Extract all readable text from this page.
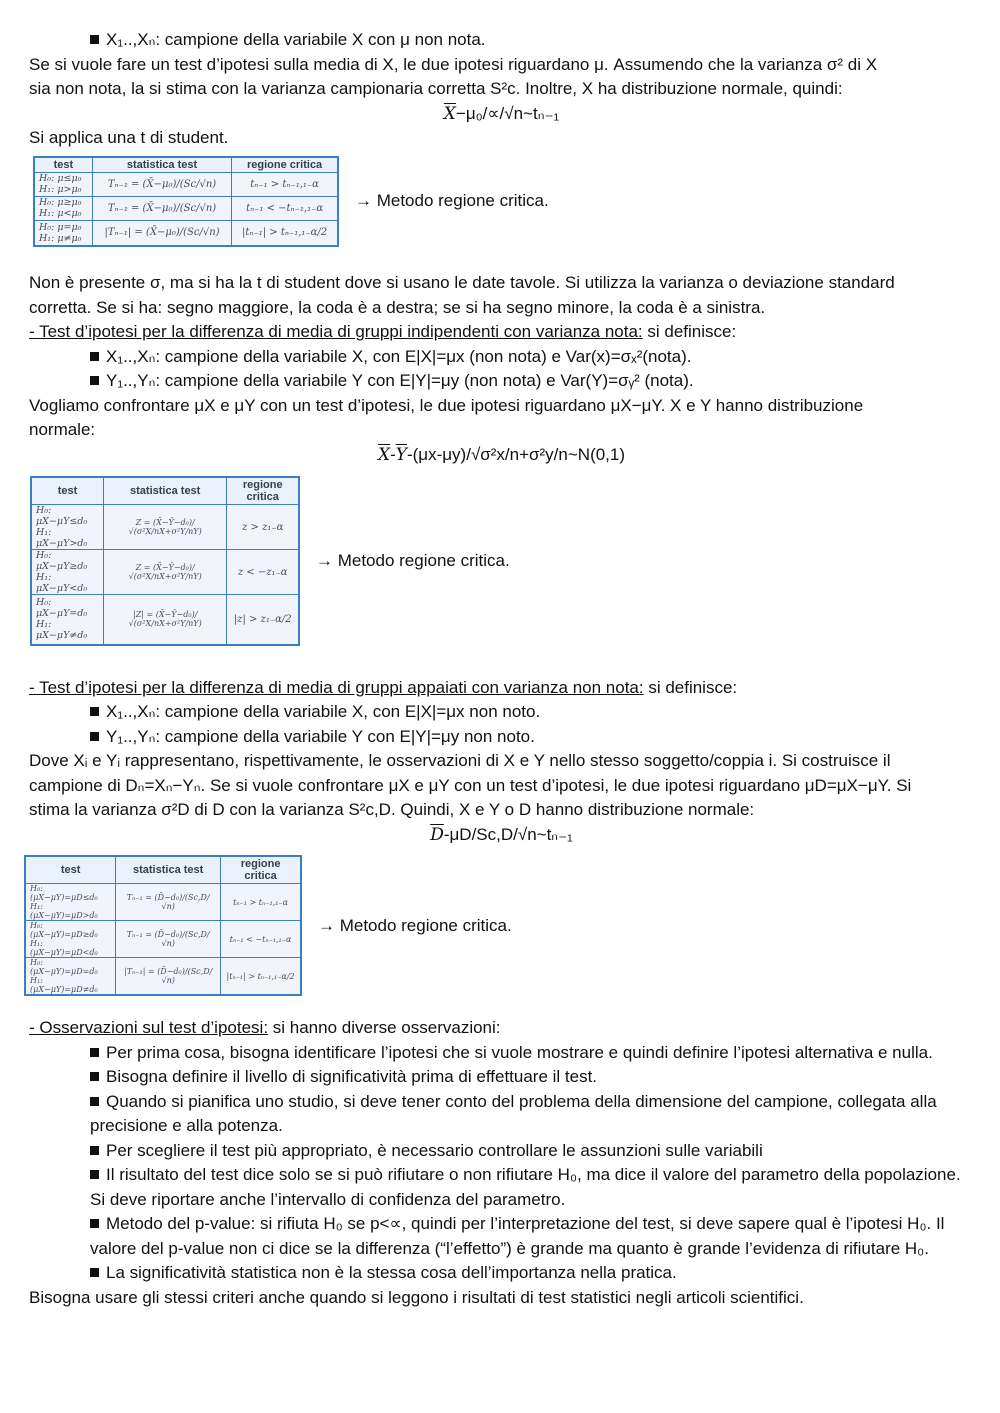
X₁..,Xₙ: campione della variabile X con μ non nota.

Se si vuole fare un test d’ipotesi sulla media di X, le due ipotesi riguardano μ. Assumendo che la varianza σ² di X

sia non nota, la si stima con la varianza campionaria corretta S²c. Inoltre, X ha distribuzione normale, quindi:

$\overline{X}-\mu_0/\propto/√n\sim t_{n-1}$

Si applica una t di student.

test	statistica test	regione critica

H₀: μ≤μ₀
H₁: μ>μ₀	Tₙ₋₁ = (X̄−μ₀)/(Sc/√n)	tₙ₋₁ > tₙ₋₁,₁₋α

H₀: μ≥μ₀
H₁: μ<μ₀	Tₙ₋₁ = (X̄−μ₀)/(Sc/√n)	tₙ₋₁ < −tₙ₋₁,₁₋α

H₀: μ=μ₀
H₁: μ≠μ₀	|Tₙ₋₁| = (X̄−μ₀)/(Sc/√n)	|tₙ₋₁| > tₙ₋₁,₁₋α/2
→ Metodo regione critica.

Non è presente σ, ma si ha la t di student dove si usano le date tavole. Si utilizza la varianza o deviazione standard

corretta. Se si ha: segno maggiore, la coda è a destra; se si ha segno minore, la coda è a sinistra.

- Test d’ipotesi per la differenza di media di gruppi indipendenti con varianza nota: si definisce:

X₁..,Xₙ: campione della variabile X, con E|X|=μx (non nota) e Var(x)=σₓ²(nota).

Y₁..,Yₙ: campione della variabile Y con E|Y|=μy (non nota) e Var(Y)=σᵧ² (nota).

Vogliamo confrontare μX e μY con un test d’ipotesi, le due ipotesi riguardano μX−μY. X e Y hanno distribuzione

normale:

$\overline{X}-\overline{Y}-(\mu x-\mu y)/√\sigma^2x/n+\sigma^2y/n\sim N(0,1)$

test	statistica test	regione critica

H₀: μX−μY≤d₀
H₁: μX−μY>d₀	Z = (X̄−Ȳ−d₀)/√(σ²X/nX+σ²Y/nY)	z > z₁₋α

H₀: μX−μY≥d₀
H₁: μX−μY<d₀	Z = (X̄−Ȳ−d₀)/√(σ²X/nX+σ²Y/nY)	z < −z₁₋α

H₀: μX−μY=d₀
H₁: μX−μY≠d₀	|Z| = (X̄−Ȳ−d₀)/√(σ²X/nX+σ²Y/nY)	|z| > z₁₋α/2
→ Metodo regione critica.

- Test d’ipotesi per la differenza di media di gruppi appaiati con varianza non nota: si definisce:

X₁..,Xₙ: campione della variabile X, con E|X|=μx non noto.

Y₁..,Yₙ: campione della variabile Y con E|Y|=μy non noto.

Dove Xᵢ e Yᵢ rappresentano, rispettivamente, le osservazioni di X e Y nello stesso soggetto/coppia i. Si costruisce il

campione di Dₙ=Xₙ−Yₙ. Se si vuole confrontare μX e μY con un test d’ipotesi, le due ipotesi riguardano μD=μX−μY. Si

stima la varianza σ²D di D con la varianza S²c,D. Quindi, X e Y o D hanno distribuzione normale:

$\overline{D}-\mu D/Sc,D/√n\sim t_{n-1}$

test	statistica test	regione critica

H₀: (μX−μY)=μD≤d₀
H₁: (μX−μY)=μD>d₀	Tₙ₋₁ = (D̄−d₀)/(Sc,D/√n)	tₙ₋₁ > tₙ₋₁,₁₋α

H₀: (μX−μY)=μD≥d₀
H₁: (μX−μY)=μD<d₀	Tₙ₋₁ = (D̄−d₀)/(Sc,D/√n)	tₙ₋₁ < −tₙ₋₁,₁₋α

H₀: (μX−μY)=μD=d₀
H₁: (μX−μY)=μD≠d₀	|Tₙ₋₁| = (D̄−d₀)/(Sc,D/√n)	|tₙ₋₁| > tₙ₋₁,₁₋α/2
→ Metodo regione critica.

- Osservazioni sul test d’ipotesi: si hanno diverse osservazioni:

Per prima cosa, bisogna identificare l’ipotesi che si vuole mostrare e quindi definire l’ipotesi alternativa e nulla.
Bisogna definire il livello di significatività prima di effettuare il test.
Quando si pianifica uno studio, si deve tener conto del problema della dimensione del campione, collegata alla precisione e alla potenza.
Per scegliere il test più appropriato, è necessario controllare le assunzioni sulle variabili
Il risultato del test dice solo se si può rifiutare o non rifiutare H₀, ma dice il valore del parametro della popolazione. Si deve riportare anche l’intervallo di confidenza del parametro.
Metodo del p-value: si rifiuta H₀ se p<∝, quindi per l’interpretazione del test, si deve sapere qual è l’ipotesi H₀. Il valore del p-value non ci dice se la differenza (“l’effetto”) è grande ma quanto è grande l’evidenza di rifiutare H₀.
La significatività statistica non è la stessa cosa dell’importanza nella pratica.

Bisogna usare gli stessi criteri anche quando si leggono i risultati di test statistici negli articoli scientifici.
